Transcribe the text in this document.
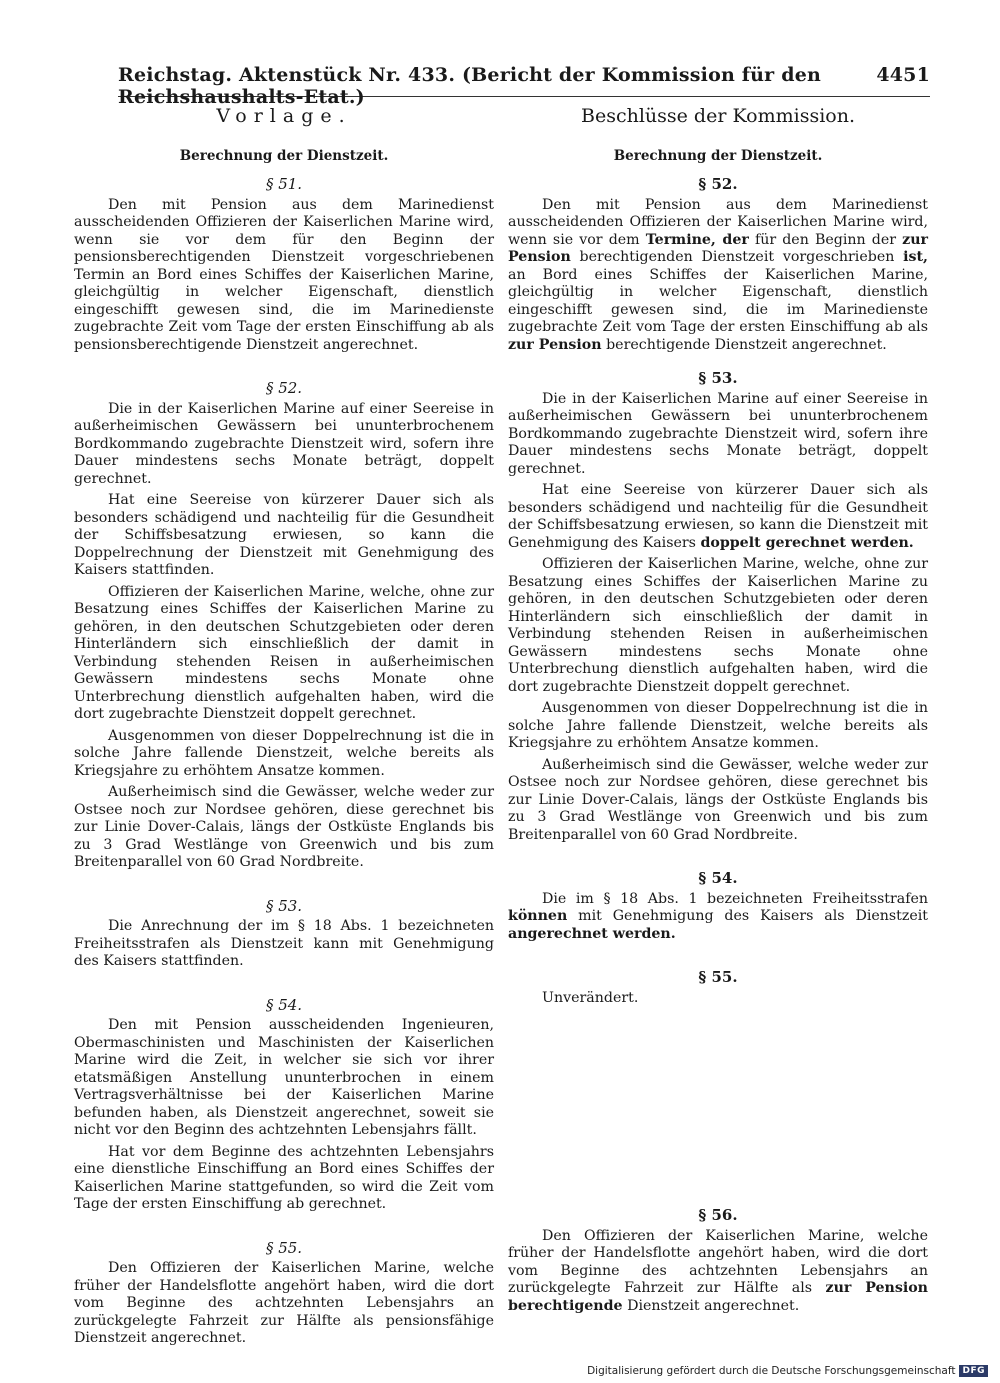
Reichstag. Aktenstück Nr. 433. (Bericht der Kommission für den Reichshaushalts-Etat.)
4451
Vorlage.
Berechnung der Dienstzeit.
§ 51.

Den mit Pension aus dem Marinedienst ausscheidenden Offizieren der Kaiserlichen Marine wird, wenn sie vor dem für den Beginn der pensionsberechtigenden Dienstzeit vorgeschriebenen Termin an Bord eines Schiffes der Kaiserlichen Marine, gleichgültig in welcher Eigenschaft, dienstlich eingeschifft gewesen sind, die im Marinedienste zugebrachte Zeit vom Tage der ersten Einschiffung ab als pensionsberechtigende Dienstzeit angerechnet.

§ 52.

Die in der Kaiserlichen Marine auf einer Seereise in außerheimischen Gewässern bei ununterbrochenem Bordkommando zugebrachte Dienstzeit wird, sofern ihre Dauer mindestens sechs Monate beträgt, doppelt gerechnet.

Hat eine Seereise von kürzerer Dauer sich als besonders schädigend und nachteilig für die Gesundheit der Schiffsbesatzung erwiesen, so kann die Doppelrechnung der Dienstzeit mit Genehmigung des Kaisers stattfinden.

Offizieren der Kaiserlichen Marine, welche, ohne zur Besatzung eines Schiffes der Kaiserlichen Marine zu gehören, in den deutschen Schutzgebieten oder deren Hinterländern sich einschließlich der damit in Verbindung stehenden Reisen in außerheimischen Gewässern mindestens sechs Monate ohne Unterbrechung dienstlich aufgehalten haben, wird die dort zugebrachte Dienstzeit doppelt gerechnet.

Ausgenommen von dieser Doppelrechnung ist die in solche Jahre fallende Dienstzeit, welche bereits als Kriegsjahre zu erhöhtem Ansatze kommen.

Außerheimisch sind die Gewässer, welche weder zur Ostsee noch zur Nordsee gehören, diese gerechnet bis zur Linie Dover-Calais, längs der Ostküste Englands bis zu 3 Grad Westlänge von Greenwich und bis zum Breitenparallel von 60 Grad Nordbreite.

§ 53.

Die Anrechnung der im § 18 Abs. 1 bezeichneten Freiheitsstrafen als Dienstzeit kann mit Genehmigung des Kaisers stattfinden.

§ 54.

Den mit Pension ausscheidenden Ingenieuren, Obermaschinisten und Maschinisten der Kaiserlichen Marine wird die Zeit, in welcher sie sich vor ihrer etatsmäßigen Anstellung ununterbrochen in einem Vertragsverhältnisse bei der Kaiserlichen Marine befunden haben, als Dienstzeit angerechnet, soweit sie nicht vor den Beginn des achtzehnten Lebensjahrs fällt.

Hat vor dem Beginne des achtzehnten Lebensjahrs eine dienstliche Einschiffung an Bord eines Schiffes der Kaiserlichen Marine stattgefunden, so wird die Zeit vom Tage der ersten Einschiffung ab gerechnet.

§ 55.

Den Offizieren der Kaiserlichen Marine, welche früher der Handelsflotte angehört haben, wird die dort vom Beginne des achtzehnten Lebensjahrs an zurückgelegte Fahrzeit zur Hälfte als pensionsfähige Dienstzeit angerechnet.

Beschlüsse der Kommission.
Berechnung der Dienstzeit.
§ 52.

Den mit Pension aus dem Marinedienst ausscheidenden Offizieren der Kaiserlichen Marine wird, wenn sie vor dem Termine, der für den Beginn der zur Pension berechtigenden Dienstzeit vorgeschrieben ist, an Bord eines Schiffes der Kaiserlichen Marine, gleichgültig in welcher Eigenschaft, dienstlich eingeschifft gewesen sind, die im Marinedienste zugebrachte Zeit vom Tage der ersten Einschiffung ab als zur Pension berechtigende Dienstzeit angerechnet.

§ 53.

Die in der Kaiserlichen Marine auf einer Seereise in außerheimischen Gewässern bei ununterbrochenem Bordkommando zugebrachte Dienstzeit wird, sofern ihre Dauer mindestens sechs Monate beträgt, doppelt gerechnet.

Hat eine Seereise von kürzerer Dauer sich als besonders schädigend und nachteilig für die Gesundheit der Schiffsbesatzung erwiesen, so kann die Dienstzeit mit Genehmigung des Kaisers doppelt gerechnet werden.

Offizieren der Kaiserlichen Marine, welche, ohne zur Besatzung eines Schiffes der Kaiserlichen Marine zu gehören, in den deutschen Schutzgebieten oder deren Hinterländern sich einschließlich der damit in Verbindung stehenden Reisen in außerheimischen Gewässern mindestens sechs Monate ohne Unterbrechung dienstlich aufgehalten haben, wird die dort zugebrachte Dienstzeit doppelt gerechnet.

Ausgenommen von dieser Doppelrechnung ist die in solche Jahre fallende Dienstzeit, welche bereits als Kriegsjahre zu erhöhtem Ansatze kommen.

Außerheimisch sind die Gewässer, welche weder zur Ostsee noch zur Nordsee gehören, diese gerechnet bis zur Linie Dover-Calais, längs der Ostküste Englands bis zu 3 Grad Westlänge von Greenwich und bis zum Breitenparallel von 60 Grad Nordbreite.

§ 54.

Die im § 18 Abs. 1 bezeichneten Freiheitsstrafen können mit Genehmigung des Kaisers als Dienstzeit angerechnet werden.

§ 55.

Unverändert.

§ 56.

Den Offizieren der Kaiserlichen Marine, welche früher der Handelsflotte angehört haben, wird die dort vom Beginne des achtzehnten Lebensjahrs an zurückgelegte Fahrzeit zur Hälfte als zur Pension berechtigende Dienstzeit angerechnet.

Digitalisierung gefördert durch die Deutsche Forschungsgemeinschaft DFG
